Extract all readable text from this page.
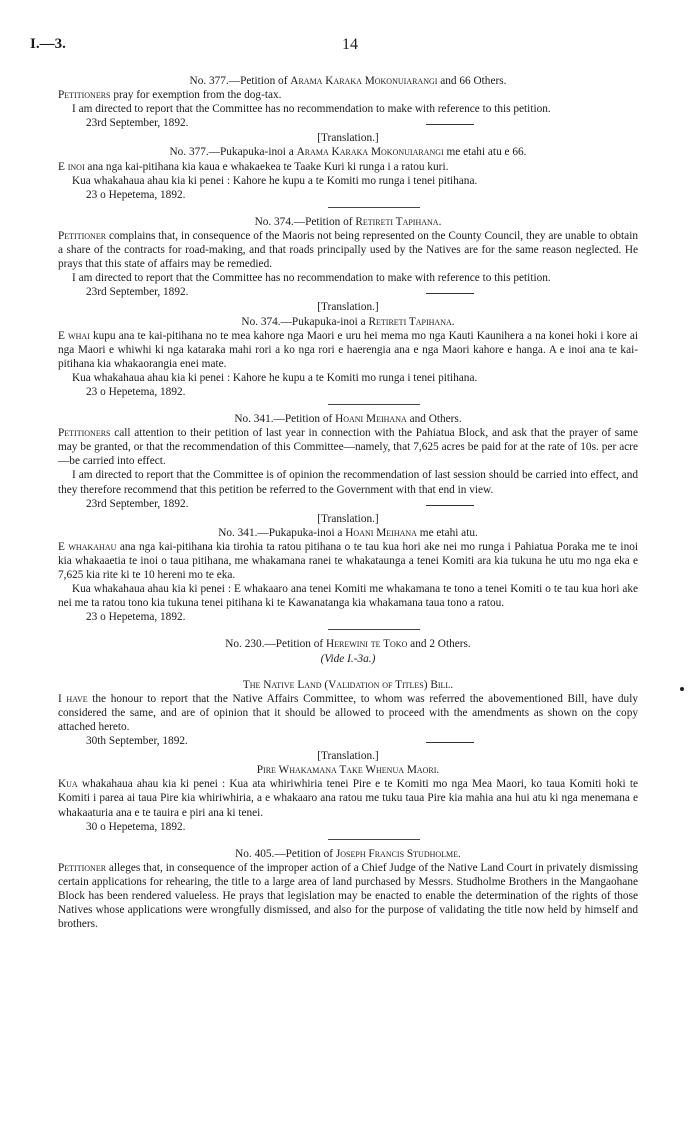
I.—3.	14
No. 377.—Petition of Arama Karaka Mokonuiarangi and 66 Others.
Petitioners pray for exemption from the dog-tax.
I am directed to report that the Committee has no recommendation to make with reference to this petition.
23rd September, 1892.
[Translation.]
No. 377.—Pukapuka-inoi a Arama Karaka Mokonuiarangi me etahi atu e 66.
E inoi ana nga kai-pitihana kia kaua e whakaekea te Taake Kuri ki runga i a ratou kuri.
Kua whakahaua ahau kia ki penei : Kahore he kupu a te Komiti mo runga i tenei pitihana.
23 o Hepetema, 1892.
No. 374.—Petition of Retireti Tapihana.
Petitioner complains that, in consequence of the Maoris not being represented on the County Council, they are unable to obtain a share of the contracts for road-making, and that roads principally used by the Natives are for the same reason neglected. He prays that this state of affairs may be remedied.
I am directed to report that the Committee has no recommendation to make with reference to this petition.
23rd September, 1892.
[Translation.]
No. 374.—Pukapuka-inoi a Retireti Tapihana.
E whai kupu ana te kai-pitihana no te mea kahore nga Maori e uru hei mema mo nga Kauti Kaunihera a na konei hoki i kore ai nga Maori e whiwhi ki nga kataraka mahi rori a ko nga rori e haerengia ana e nga Maori kahore e hanga. A e inoi ana te kai-pitihana kia whakaorangia enei mate.
Kua whakahaua ahau kia ki penei : Kahore he kupu a te Komiti mo runga i tenei pitihana.
23 o Hepetema, 1892.
No. 341.—Petition of Hoani Meihana and Others.
Petitioners call attention to their petition of last year in connection with the Pahiatua Block, and ask that the prayer of same may be granted, or that the recommendation of this Committee—namely, that 7,625 acres be paid for at the rate of 10s. per acre—be carried into effect.
I am directed to report that the Committee is of opinion the recommendation of last session should be carried into effect, and they therefore recommend that this petition be referred to the Government with that end in view.
23rd September, 1892.
[Translation.]
No. 341.—Pukapuka-inoi a Hoani Meihana me etahi atu.
E whakahau ana nga kai-pitihana kia tirohia ta ratou pitihana o te tau kua hori ake nei mo runga i Pahiatua Poraka me te inoi kia whakaaetia te inoi o taua pitihana, me whakamana ranei te whakataunga a tenei Komiti ara kia tukuna he utu mo nga eka e 7,625 kia rite ki te 10 hereni mo te eka.
Kua whakahaua ahau kia ki penei : E whakaaro ana tenei Komiti me whakamana te tono a tenei Komiti o te tau kua hori ake nei me ta ratou tono kia tukuna tenei pitihana ki te Kawanatanga kia whakamana taua tono a ratou.
23 o Hepetema, 1892.
No. 230.—Petition of Herewini te Toko and 2 Others.
(Vide I.-3a.)
The Native Land (Validation of Titles) Bill.
I have the honour to report that the Native Affairs Committee, to whom was referred the abovementioned Bill, have duly considered the same, and are of opinion that it should be allowed to proceed with the amendments as shown on the copy attached hereto.
30th September, 1892.
[Translation.]
Pire Whakamana Take Whenua Maori.
Kua whakahaua ahau kia ki penei : Kua ata whiriwhiria tenei Pire e te Komiti mo nga Mea Maori, ko taua Komiti hoki te Komiti i parea ai taua Pire kia whiriwhiria, a e whakaaro ana ratou me tuku taua Pire kia mahia ana hui atu ki nga menemana e whakaaturia ana e te tauira e piri ana ki tenei.
30 o Hepetema, 1892.
No. 405.—Petition of Joseph Francis Studholme.
Petitioner alleges that, in consequence of the improper action of a Chief Judge of the Native Land Court in privately dismissing certain applications for rehearing, the title to a large area of land purchased by Messrs. Studholme Brothers in the Mangaohane Block has been rendered valueless. He prays that legislation may be enacted to enable the determination of the rights of those Natives whose applications were wrongfully dismissed, and also for the purpose of validating the title now held by himself and brothers.
